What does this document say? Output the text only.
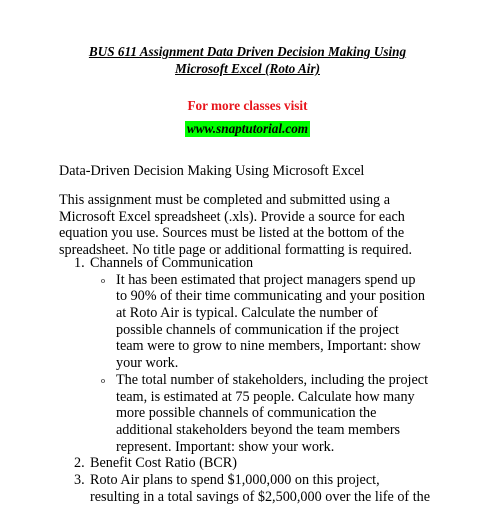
BUS 611 Assignment Data Driven Decision Making Using

Microsoft Excel (Roto Air)

For more classes visit

www.snaptutorial.com

Data-Driven Decision Making Using Microsoft Excel

This assignment must be completed and submitted using a
Microsoft Excel spreadsheet (.xls). Provide a source for each
equation you use. Sources must be listed at the bottom of the
spreadsheet. No title page or additional formatting is required.
1. Channels of Communication
o It has been estimated that project managers spend up
to 90% of their time communicating and your position
at Roto Air is typical. Calculate the number of
possible channels of communication if the project
team were to grow to nine members, Important: show
your work.
o The total number of stakeholders, including the project
team, is estimated at 75 people. Calculate how many
more possible channels of communication the
additional stakeholders beyond the team members
represent. Important: show your work.
2. Benefit Cost Ratio (BCR)
3. Roto Air plans to spend $1,000,000 on this project,
resulting in a total savings of $2,500,000 over the life of the
